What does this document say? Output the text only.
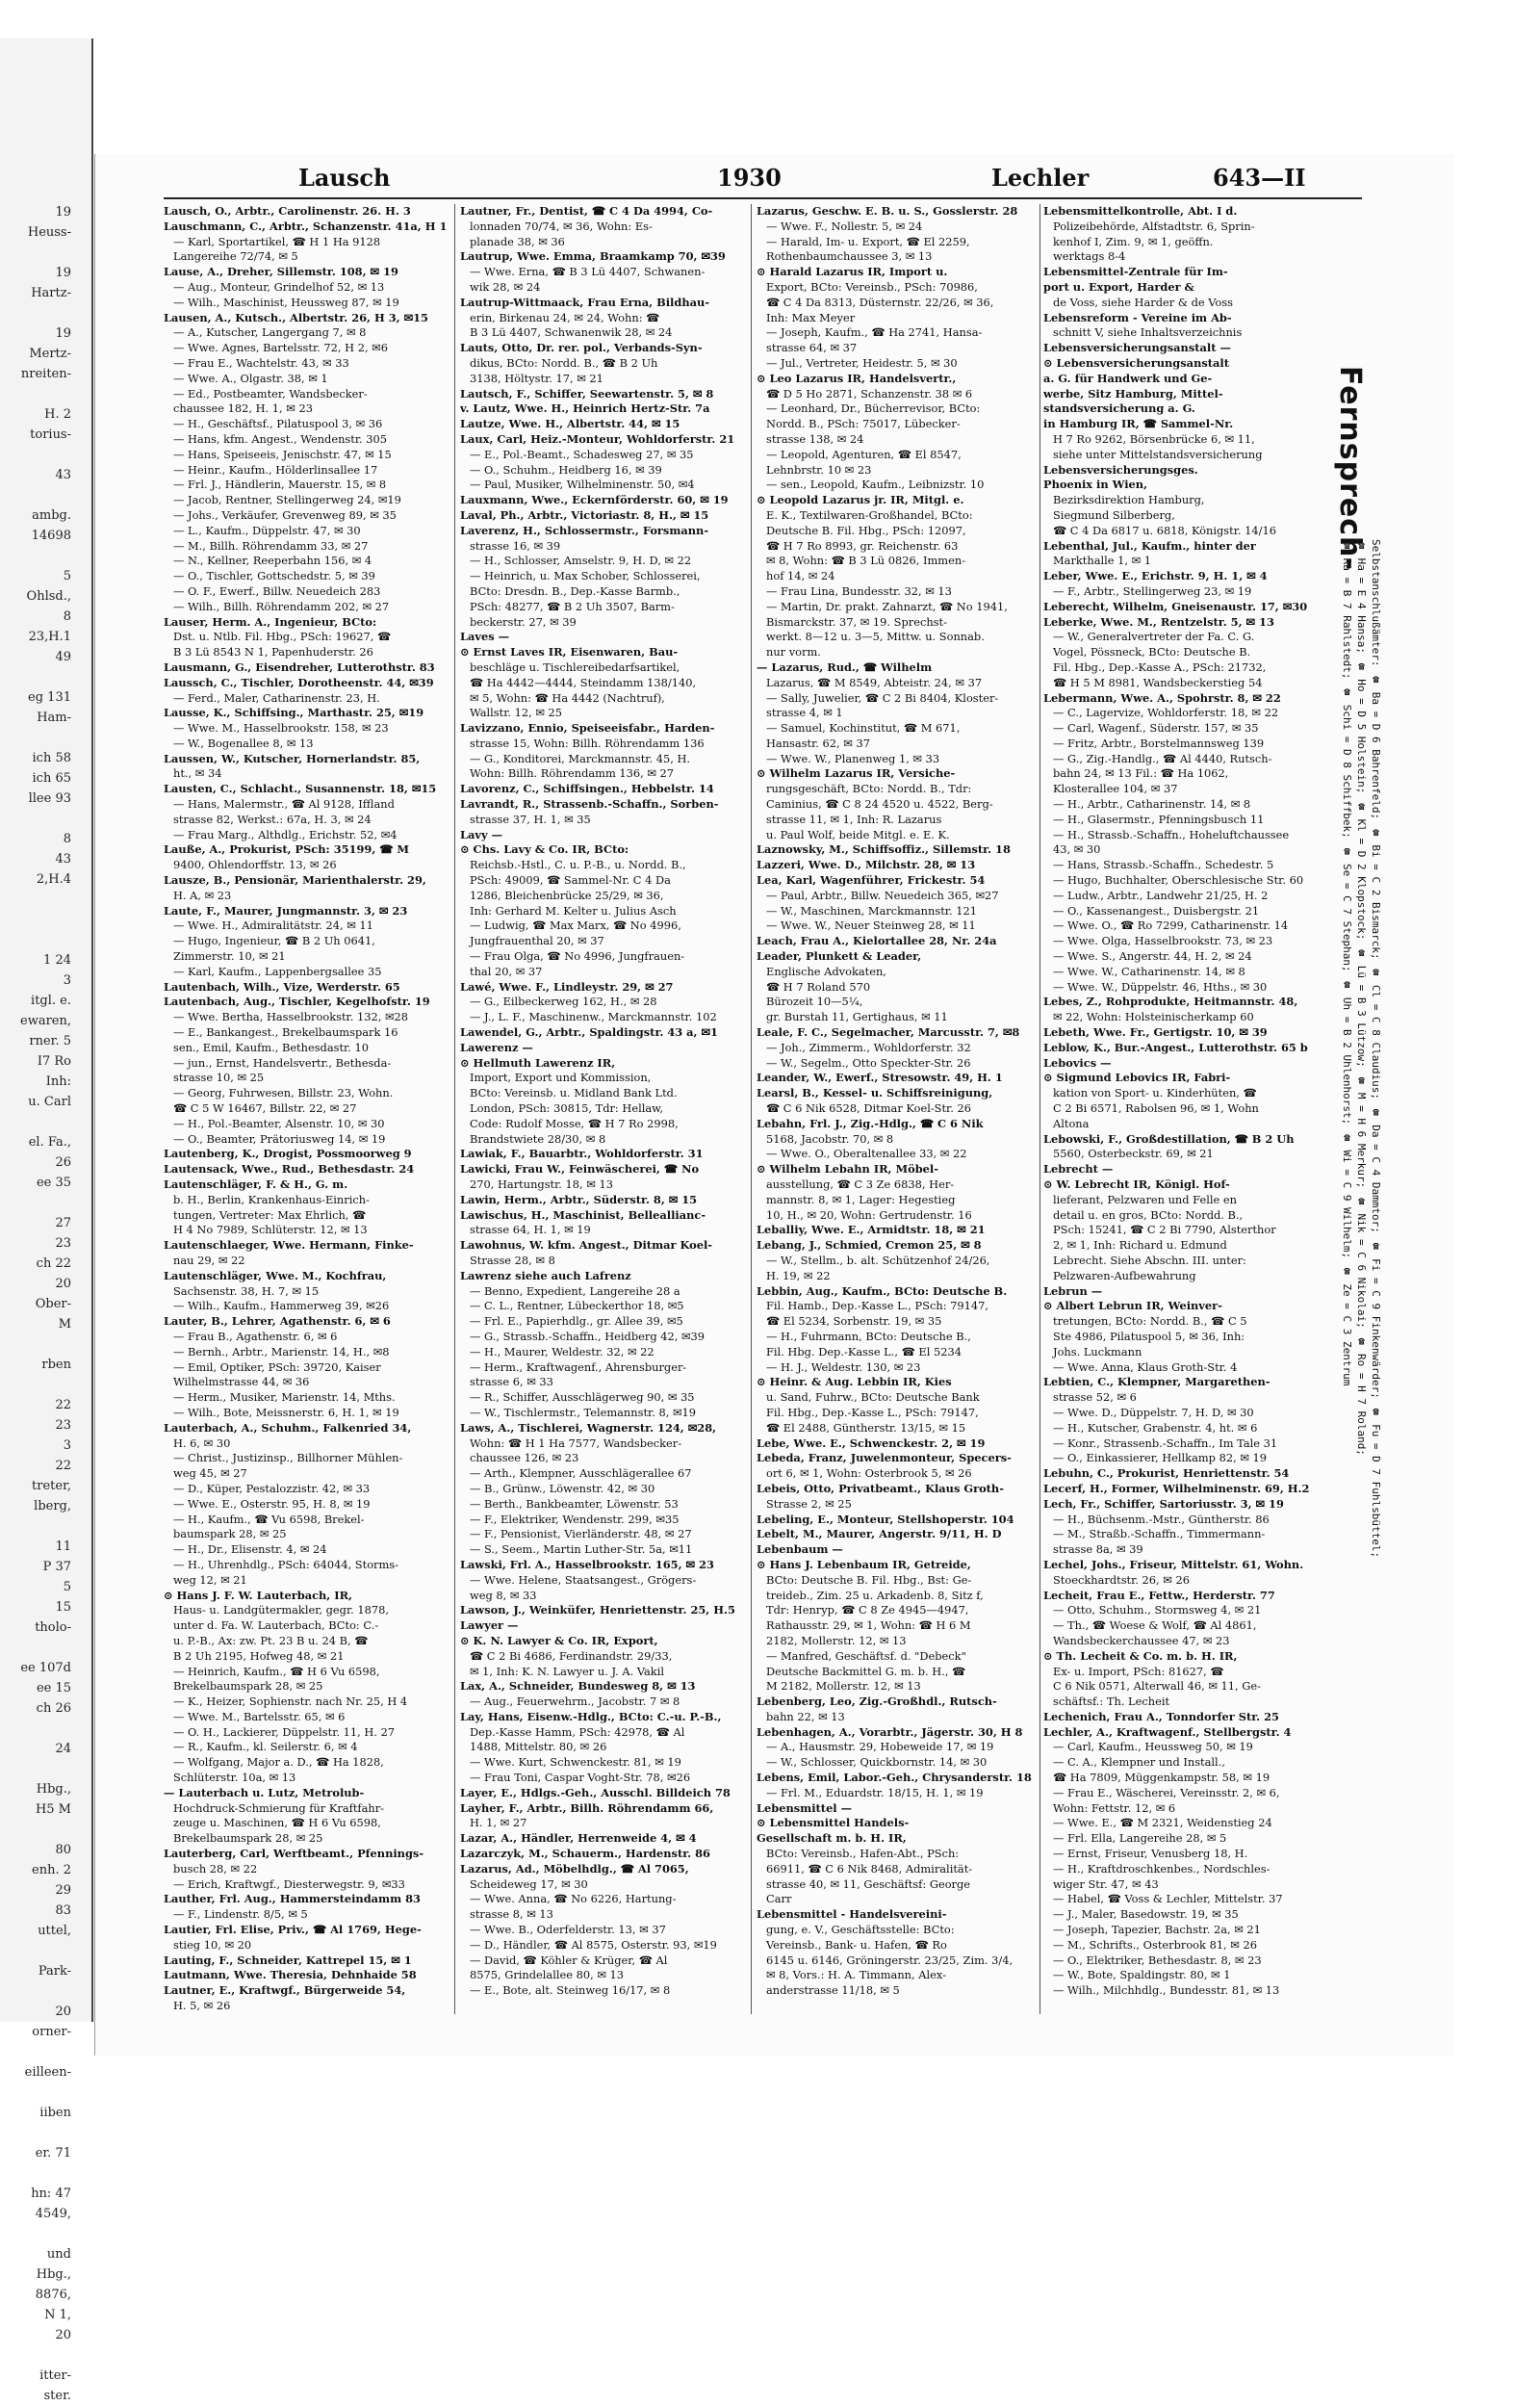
19
Heuss-
19
Hartz-
19
Mertz-
nreiten-
H. 2
torius-
43
ambg.
14698
5
Ohlsd.,
8
23,H.1
49
eg 131
Ham-
ich 58
ich 65
llee 93
8
43
2,H.4
1 24
3
itgl. e.
ewaren,
rner. 5
I7 Ro
Inh:
u. Carl
el. Fa.,
26
ee 35
27
23
ch 22
20
Ober-
M
rben
22
23
3
22
treter,
lberg,
11
P 37
5
15
tholo-
ee 107d
ee 15
ch 26
24
Hbg.,
H5 M
80
enh. 2
29
83
uttel,
Park-
20
orner-
eilleen-
iiben
er. 71
hn: 47
4549,
und
Hbg.,
8876,
N 1,
20
itter-
ster.
Lausch	1930	Lechler	643—II
Lausch, O., Arbtr., Carolinenstr. 26. H. 3
Lauschmann, C., Arbtr., Schanzenstr. 41a, H 1
— Karl, Sportartikel, ☎ H 1 Ha 9128
Langereihe 72/74, ✉ 5
Lause, A., Dreher, Sillemstr. 108, ✉ 19
— Aug., Monteur, Grindelhof 52, ✉ 13
— Wilh., Maschinist, Heussweg 87, ✉ 19
Lausen, A., Kutsch., Albertstr. 26, H 3, ✉15
— A., Kutscher, Langergang 7, ✉ 8
— Wwe. Agnes, Bartelsstr. 72, H 2, ✉6
— Frau E., Wachtelstr. 43, ✉ 33
— Wwe. A., Olgastr. 38, ✉ 1
— Ed., Postbeamter, Wandsbecker-
chaussee 182, H. 1, ✉ 23
— H., Geschäftsf., Pilatuspool 3, ✉ 36
— Hans, kfm. Angest., Wendenstr. 305
— Hans, Speiseeis, Jenischstr. 47, ✉ 15
— Heinr., Kaufm., Hölderlinsallee 17
— Frl. J., Händlerin, Mauerstr. 15, ✉ 8
— Jacob, Rentner, Stellingerweg 24, ✉19
— Johs., Verkäufer, Grevenweg 89, ✉ 35
— L., Kaufm., Düppelstr. 47, ✉ 30
— M., Billh. Röhrendamm 33, ✉ 27
— N., Kellner, Reeperbahn 156, ✉ 4
— O., Tischler, Gottschedstr. 5, ✉ 39
— O. F., Ewerf., Billw. Neuedeich 283
— Wilh., Billh. Röhrendamm 202, ✉ 27
Lauser, Herm. A., Ingenieur, BCto:
Dst. u. Ntlb. Fil. Hbg., PSch: 19627, ☎
B 3 Lü 8543 N 1, Papenhuderstr. 26
Lausmann, G., Eisendreher, Lutterothstr. 83
Laussch, C., Tischler, Dorotheenstr. 44, ✉39
— Ferd., Maler, Catharinenstr. 23, H.
Lausse, K., Schiffsing., Marthastr. 25, ✉19
— Wwe. M., Hasselbrookstr. 158, ✉ 23
— W., Bogenallee 8, ✉ 13
Laussen, W., Kutscher, Hornerlandstr. 85,
ht., ✉ 34
Lausten, C., Schlacht., Susannenstr. 18, ✉15
— Hans, Malermstr., ☎ Al 9128, Iffland
strasse 82, Werkst.: 67a, H. 3, ✉ 24
— Frau Marg., Althdlg., Erichstr. 52, ✉4
Lauße, A., Prokurist, PSch: 35199, ☎ M
9400, Ohlendorffstr. 13, ✉ 26
Lausze, B., Pensionär, Marienthalerstr. 29,
H. A, ✉ 23
Laute, F., Maurer, Jungmannstr. 3, ✉ 23
— Wwe. H., Admiralitätstr. 24, ✉ 11
— Hugo, Ingenieur, ☎ B 2 Uh 0641,
Zimmerstr. 10, ✉ 21
— Karl, Kaufm., Lappenbergsallee 35
Lautenbach, Wilh., Vize, Werderstr. 65
Lautenbach, Aug., Tischler, Kegelhofstr. 19
— Wwe. Bertha, Hasselbrookstr. 132, ✉28
— E., Bankangest., Brekelbaumspark 16
sen., Emil, Kaufm., Bethesdastr. 10
— jun., Ernst, Handelsvertr., Bethesda-
strasse 10, ✉ 25
— Georg, Fuhrwesen, Billstr. 23, Wohn.
☎ C 5 W 16467, Billstr. 22, ✉ 27
— H., Pol.-Beamter, Alsenstr. 10, ✉ 30
— O., Beamter, Prätoriusweg 14, ✉ 19
Lautenberg, K., Drogist, Possmoorweg 9
Lautensack, Wwe., Rud., Bethesdastr. 24
Lautenschläger, F. & H., G. m.
b. H., Berlin, Krankenhaus-Einrich-
tungen, Vertreter: Max Ehrlich, ☎
H 4 No 7989, Schlüterstr. 12, ✉ 13
Lautenschlaeger, Wwe. Hermann, Finke-
nau 29, ✉ 22
Lautenschläger, Wwe. M., Kochfrau,
Sachsenstr. 38, H. 7, ✉ 15
— Wilh., Kaufm., Hammerweg 39, ✉26
Lauter, B., Lehrer, Agathenstr. 6, ✉ 6
— Frau B., Agathenstr. 6, ✉ 6
— Bernh., Arbtr., Marienstr. 14, H., ✉8
— Emil, Optiker, PSch: 39720, Kaiser
Wilhelmstrasse 44, ✉ 36
— Herm., Musiker, Marienstr. 14, Mths.
— Wilh., Bote, Meissnerstr. 6, H. 1, ✉ 19
Lauterbach, A., Schuhm., Falkenried 34,
H. 6, ✉ 30
— Christ., Justizinsp., Billhorner Mühlen-
weg 45, ✉ 27
— D., Küper, Pestalozzistr. 42, ✉ 33
— Wwe. E., Osterstr. 95, H. 8, ✉ 19
— H., Kaufm., ☎ Vu 6598, Brekel-
baumspark 28, ✉ 25
— H., Dr., Elisenstr. 4, ✉ 24
— H., Uhrenhdlg., PSch: 64044, Storms-
weg 12, ✉ 21
⊙ Hans J. F. W. Lauterbach, IR,
Haus- u. Landgütermakler, gegr. 1878,
unter d. Fa. W. Lauterbach, BCto: C.-
u. P.-B., Ax: zw. Pt. 23 B u. 24 B, ☎
B 2 Uh 2195, Hofweg 48, ✉ 21
— Heinrich, Kaufm., ☎ H 6 Vu 6598,
Brekelbaumspark 28, ✉ 25
— K., Heizer, Sophienstr. nach Nr. 25, H 4
— Wwe. M., Bartelsstr. 65, ✉ 6
— O. H., Lackierer, Düppelstr. 11, H. 27
— R., Kaufm., kl. Seilerstr. 6, ✉ 4
— Wolfgang, Major a. D., ☎ Ha 1828,
Schlüterstr. 10a, ✉ 13
— Lauterbach u. Lutz, Metrolub-
Hochdruck-Schmierung für Kraftfahr-
zeuge u. Maschinen, ☎ H 6 Vu 6598,
Brekelbaumspark 28, ✉ 25
Lauterberg, Carl, Werftbeamt., Pfennings-
busch 28, ✉ 22
— Erich, Kraftwgf., Diesterwegstr. 9, ✉33
Lauther, Frl. Aug., Hammersteindamm 83
— F., Lindenstr. 8/5, ✉ 5
Lautier, Frl. Elise, Priv., ☎ Al 1769, Hege-
stieg 10, ✉ 20
Lauting, F., Schneider, Kattrepel 15, ✉ 1
Lautmann, Wwe. Theresia, Dehnhaide 58
Lautner, E., Kraftwgf., Bürgerweide 54,
H. 5, ✉ 26
Lautner, Fr., Dentist, ☎ C 4 Da 4994, Co-
lonnaden 70/74, ✉ 36, Wohn: Es-
planade 38, ✉ 36
Lautrup, Wwe. Emma, Braamkamp 70, ✉39
— Wwe. Erna, ☎ B 3 Lü 4407, Schwanen-
wik 28, ✉ 24
Lautrup-Wittmaack, Frau Erna, Bildhau-
erin, Birkenau 24, ✉ 24, Wohn: ☎
B 3 Lü 4407, Schwanenwik 28, ✉ 24
Lauts, Otto, Dr. rer. pol., Verbands-Syn-
dikus, BCto: Nordd. B., ☎ B 2 Uh
3138, Höltystr. 17, ✉ 21
Lautsch, F., Schiffer, Seewartenstr. 5, ✉ 8
v. Lautz, Wwe. H., Heinrich Hertz-Str. 7a
Lautze, Wwe. H., Albertstr. 44, ✉ 15
Laux, Carl, Heiz.-Monteur, Wohldorferstr. 21
— E., Pol.-Beamt., Schadesweg 27, ✉ 35
— O., Schuhm., Heidberg 16, ✉ 39
— Paul, Musiker, Wilhelminenstr. 50, ✉4
Lauxmann, Wwe., Eckernförderstr. 60, ✉ 19
Laval, Ph., Arbtr., Victoriastr. 8, H., ✉ 15
Laverenz, H., Schlossermstr., Forsmann-
strasse 16, ✉ 39
— H., Schlosser, Amselstr. 9, H. D, ✉ 22
— Heinrich, u. Max Schober, Schlosserei,
BCto: Dresdn. B., Dep.-Kasse Barmb.,
PSch: 48277, ☎ B 2 Uh 3507, Barm-
beckerstr. 27, ✉ 39
Laves —
⊙ Ernst Laves IR, Eisenwaren, Bau-
beschläge u. Tischlereibedarfsartikel,
☎ Ha 4442—4444, Steindamm 138/140,
✉ 5, Wohn: ☎ Ha 4442 (Nachtruf),
Wallstr. 12, ✉ 25
Lavizzano, Ennio, Speiseeisfabr., Harden-
strasse 15, Wohn: Billh. Röhrendamm 136
— G., Konditorei, Marckmannstr. 45, H.
Wohn: Billh. Röhrendamm 136, ✉ 27
Lavorenz, C., Schiffsingen., Hebbelstr. 14
Lavrandt, R., Strassenb.-Schaffn., Sorben-
strasse 37, H. 1, ✉ 35
Lavy —
⊙ Chs. Lavy & Co. IR, BCto:
Reichsb.-Hstl., C. u. P.-B., u. Nordd. B.,
PSch: 49009, ☎ Sammel-Nr. C 4 Da
1286, Bleichenbrücke 25/29, ✉ 36,
Inh: Gerhard M. Kelter u. Julius Asch
— Ludwig, ☎ Max Marx, ☎ No 4996,
Jungfrauenthal 20, ✉ 37
— Frau Olga, ☎ No 4996, Jungfrauen-
thal 20, ✉ 37
Lawé, Wwe. F., Lindleystr. 29, ✉ 27
— G., Eilbeckerweg 162, H., ✉ 28
— J., L. F., Maschinenw., Marckmannstr. 102
Lawendel, G., Arbtr., Spaldingstr. 43 a, ✉1
Lawerenz —
⊙ Hellmuth Lawerenz IR,
Import, Export und Kommission,
BCto: Vereinsb. u. Midland Bank Ltd.
London, PSch: 30815, Tdr: Hellaw,
Code: Rudolf Mosse, ☎ H 7 Ro 2998,
Brandstwiete 28/30, ✉ 8
Lawiak, F., Bauarbtr., Wohldorferstr. 31
Lawicki, Frau W., Feinwäscherei, ☎ No
270, Hartungstr. 18, ✉ 13
Lawin, Herm., Arbtr., Süderstr. 8, ✉ 15
Lawischus, H., Maschinist, Belleallianc-
strasse 64, H. 1, ✉ 19
Lawohnus, W. kfm. Angest., Ditmar Koel-
Strasse 28, ✉ 8
Lawrenz siehe auch Lafrenz
— Benno, Expedient, Langereihe 28 a
— C. L., Rentner, Lübeckerthor 18, ✉5
— Frl. E., Papierhdlg., gr. Allee 39, ✉5
— G., Strassb.-Schaffn., Heidberg 42, ✉39
— H., Maurer, Weldestr. 32, ✉ 22
— Herm., Kraftwagenf., Ahrensburger-
strasse 6, ✉ 33
— R., Schiffer, Ausschlägerweg 90, ✉ 35
— W., Tischlermstr., Telemannstr. 8, ✉19
Laws, A., Tischlerei, Wagnerstr. 124, ✉28,
Wohn: ☎ H 1 Ha 7577, Wandsbecker-
chaussee 126, ✉ 23
— Arth., Klempner, Ausschlägerallee 67
— B., Grünw., Löwenstr. 42, ✉ 30
— Berth., Bankbeamter, Löwenstr. 53
— F., Elektriker, Wendenstr. 299, ✉35
— F., Pensionist, Vierländerstr. 48, ✉ 27
— S., Seem., Martin Luther-Str. 5a, ✉11
Lawski, Frl. A., Hasselbrookstr. 165, ✉ 23
— Wwe. Helene, Staatsangest., Grögers-
weg 8, ✉ 33
Lawson, J., Weinküfer, Henriettenstr. 25, H.5
Lawyer —
⊙ K. N. Lawyer & Co. IR, Export,
☎ C 2 Bi 4686, Ferdinandstr. 29/33,
✉ 1, Inh: K. N. Lawyer u. J. A. Vakil
Lax, A., Schneider, Bundesweg 8, ✉ 13
— Aug., Feuerwehrm., Jacobstr. 7 ✉ 8
Lay, Hans, Eisenw.-Hdlg., BCto: C.-u. P.-B.,
Dep.-Kasse Hamm, PSch: 42978, ☎ Al
1488, Mittelstr. 80, ✉ 26
— Wwe. Kurt, Schwenckestr. 81, ✉ 19
— Frau Toni, Caspar Voght-Str. 78, ✉26
Layer, E., Hdlgs.-Geh., Ausschl. Billdeich 78
Layher, F., Arbtr., Billh. Röhrendamm 66,
H. 1, ✉ 27
Lazar, A., Händler, Herrenweide 4, ✉ 4
Lazarczyk, M., Schauerm., Hardenstr. 86
Lazarus, Ad., Möbelhdlg., ☎ Al 7065,
Scheideweg 17, ✉ 30
— Wwe. Anna, ☎ No 6226, Hartung-
strasse 8, ✉ 13
— Wwe. B., Oderfelderstr. 13, ✉ 37
— D., Händler, ☎ Al 8575, Osterstr. 93, ✉19
— David, ☎ Köhler & Krüger, ☎ Al
8575, Grindelallee 80, ✉ 13
— E., Bote, alt. Steinweg 16/17, ✉ 8
Lazarus, Geschw. E. B. u. S., Gosslerstr. 28
— Wwe. F., Nollestr. 5, ✉ 24
— Harald, Im- u. Export, ☎ El 2259,
Rothenbaumchaussee 3, ✉ 13
⊙ Harald Lazarus IR, Import u.
Export, BCto: Vereinsb., PSch: 70986,
☎ C 4 Da 8313, Düsternstr. 22/26, ✉ 36,
Inh: Max Meyer
— Joseph, Kaufm., ☎ Ha 2741, Hansa-
strasse 64, ✉ 37
— Jul., Vertreter, Heidestr. 5, ✉ 30
⊙ Leo Lazarus IR, Handelsvertr.,
☎ D 5 Ho 2871, Schanzenstr. 38 ✉ 6
— Leonhard, Dr., Bücherrevisor, BCto:
Nordd. B., PSch: 75017, Lübecker-
strasse 138, ✉ 24
— Leopold, Agenturen, ☎ El 8547,
Lehnbrstr. 10 ✉ 23
— sen., Leopold, Kaufm., Leibnizstr. 10
⊙ Leopold Lazarus jr. IR, Mitgl. e.
E. K., Textilwaren-Großhandel, BCto:
Deutsche B. Fil. Hbg., PSch: 12097,
☎ H 7 Ro 8993, gr. Reichenstr. 63
✉ 8, Wohn: ☎ B 3 Lü 0826, Immen-
hof 14, ✉ 24
— Frau Lina, Bundesstr. 32, ✉ 13
— Martin, Dr. prakt. Zahnarzt, ☎ No 1941,
Bismarckstr. 37, ✉ 19. Sprechst-
werkt. 8—12 u. 3—5, Mittw. u. Sonnab.
nur vorm.
— Lazarus, Rud., ☎ Wilhelm
Lazarus, ☎ M 8549, Abteistr. 24, ✉ 37
— Sally, Juwelier, ☎ C 2 Bi 8404, Kloster-
strasse 4, ✉ 1
— Samuel, Kochinstitut, ☎ M 671,
Hansastr. 62, ✉ 37
— Wwe. W., Planenweg 1, ✉ 33
⊙ Wilhelm Lazarus IR, Versiche-
rungsgeschäft, BCto: Nordd. B., Tdr:
Caminius, ☎ C 8 24 4520 u. 4522, Berg-
strasse 11, ✉ 1, Inh: R. Lazarus
u. Paul Wolf, beide Mitgl. e. E. K.
Laznowsky, M., Schiffsoffiz., Sillemstr. 18
Lazzeri, Wwe. D., Milchstr. 28, ✉ 13
Lea, Karl, Wagenführer, Frickestr. 54
— Paul, Arbtr., Billw. Neuedeich 365, ✉27
— W., Maschinen, Marckmannstr. 121
— Wwe. W., Neuer Steinweg 28, ✉ 11
Leach, Frau A., Kielortallee 28, Nr. 24a
Leader, Plunkett & Leader,
Englische Advokaten,
☎ H 7 Roland 570
Bürozeit 10—5¼,
gr. Burstah 11, Gertighaus, ✉ 11
Leale, F. C., Segelmacher, Marcusstr. 7, ✉8
— Joh., Zimmerm., Wohldorferstr. 32
— W., Segelm., Otto Speckter-Str. 26
Leander, W., Ewerf., Stresowstr. 49, H. 1
Learsl, B., Kessel- u. Schiffsreinigung,
☎ C 6 Nik 6528, Ditmar Koel-Str. 26
Lebahn, Frl. J., Zig.-Hdlg., ☎ C 6 Nik
5168, Jacobstr. 70, ✉ 8
— Wwe. O., Oberaltenallee 33, ✉ 22
⊙ Wilhelm Lebahn IR, Möbel-
ausstellung, ☎ C 3 Ze 6838, Her-
mannstr. 8, ✉ 1, Lager: Hegestieg
10, H., ✉ 20, Wohn: Gertrudenstr. 16
Leballiy, Wwe. E., Armidtstr. 18, ✉ 21
Lebang, J., Schmied, Cremon 25, ✉ 8
— W., Stellm., b. alt. Schützenhof 24/26,
H. 19, ✉ 22
Lebbin, Aug., Kaufm., BCto: Deutsche B.
Fil. Hamb., Dep.-Kasse L., PSch: 79147,
☎ El 5234, Sorbenstr. 19, ✉ 35
— H., Fuhrmann, BCto: Deutsche B.,
Fil. Hbg. Dep.-Kasse L., ☎ El 5234
— H. J., Weldestr. 130, ✉ 23
⊙ Heinr. & Aug. Lebbin IR, Kies
u. Sand, Fuhrw., BCto: Deutsche Bank
Fil. Hbg., Dep.-Kasse L., PSch: 79147,
☎ El 2488, Güntherstr. 13/15, ✉ 15
Lebe, Wwe. E., Schwenckestr. 2, ✉ 19
Lebeda, Franz, Juwelenmonteur, Specers-
ort 6, ✉ 1, Wohn: Osterbrook 5, ✉ 26
Lebeis, Otto, Privatbeamt., Klaus Groth-
Strasse 2, ✉ 25
Lebeling, E., Monteur, Stellshoperstr. 104
Lebelt, M., Maurer, Angerstr. 9/11, H. D
Lebenbaum —
⊙ Hans J. Lebenbaum IR, Getreide,
BCto: Deutsche B. Fil. Hbg., Bst: Ge-
treideb., Zim. 25 u. Arkadenb. 8, Sitz f,
Tdr: Henryp, ☎ C 8 Ze 4945—4947,
Rathausstr. 29, ✉ 1, Wohn: ☎ H 6 M
2182, Mollerstr. 12, ✉ 13
— Manfred, Geschäftsf. d. "Debeck"
Deutsche Backmittel G. m. b. H., ☎
M 2182, Mollerstr. 12, ✉ 13
Lebenberg, Leo, Zig.-Großhdl., Rutsch-
bahn 22, ✉ 13
Lebenhagen, A., Vorarbtr., Jägerstr. 30, H 8
— A., Hausmstr. 29, Hobeweide 17, ✉ 19
— W., Schlosser, Quickbornstr. 14, ✉ 30
Lebens, Emil, Labor.-Geh., Chrysanderstr. 18
— Frl. M., Eduardstr. 18/15, H. 1, ✉ 19
Lebensmittel —
⊙ Lebensmittel Handels-
Gesellschaft m. b. H. IR,
BCto: Vereinsb., Hafen-Abt., PSch:
66911, ☎ C 6 Nik 8468, Admiralität-
strasse 40, ✉ 11, Geschäftsf: George
Carr
Lebensmittel - Handelsvereini-
gung, e. V., Geschäftsstelle: BCto:
Vereinsb., Bank- u. Hafen, ☎ Ro
6145 u. 6146, Gröningerstr. 23/25, Zim. 3/4,
✉ 8, Vors.: H. A. Timmann, Alex-
anderstrasse 11/18, ✉ 5
Lebensmittelkontrolle, Abt. I d.
Polizeibehörde, Alfstadtstr. 6, Sprin-
kenhof I, Zim. 9, ✉ 1, geöffn.
werktags 8-4
Lebensmittel-Zentrale für Im-
port u. Export, Harder &
de Voss, siehe Harder & de Voss
Lebensreform - Vereine im Ab-
schnitt V, siehe Inhaltsverzeichnis
Lebensversicherungsanstalt —
⊙ Lebensversicherungsanstalt
a. G. für Handwerk und Ge-
werbe, Sitz Hamburg, Mittel-
standsversicherung a. G.
in Hamburg IR, ☎ Sammel-Nr.
H 7 Ro 9262, Börsenbrücke 6, ✉ 11,
siehe unter Mittelstandsversicherung
Lebensversicherungsges.
Phoenix in Wien,
Bezirksdirektion Hamburg,
Siegmund Silberberg,
☎ C 4 Da 6817 u. 6818, Königstr. 14/16
Lebenthal, Jul., Kaufm., hinter der
Markthalle 1, ✉ 1
Leber, Wwe. E., Erichstr. 9, H. 1, ✉ 4
— F., Arbtr., Stellingerweg 23, ✉ 19
Leberecht, Wilhelm, Gneisenaustr. 17, ✉30
Leberke, Wwe. M., Rentzelstr. 5, ✉ 13
— W., Generalvertreter der Fa. C. G.
Vogel, Pössneck, BCto: Deutsche B.
Fil. Hbg., Dep.-Kasse A., PSch: 21732,
☎ H 5 M 8981, Wandsbeckerstieg 54
Lebermann, Wwe. A., Spohrstr. 8, ✉ 22
— C., Lagervize, Wohldorferstr. 18, ✉ 22
— Carl, Wagenf., Süderstr. 157, ✉ 35
— Fritz, Arbtr., Borstelmannsweg 139
— G., Zig.-Handlg., ☎ Al 4440, Rutsch-
bahn 24, ✉ 13 Fil.: ☎ Ha 1062,
Klosterallee 104, ✉ 37
— H., Arbtr., Catharinenstr. 14, ✉ 8
— H., Glasermstr., Pfenningsbusch 11
— H., Strassb.-Schaffn., Hoheluftchaussee
43, ✉ 30
— Hans, Strassb.-Schaffn., Schedestr. 5
— Hugo, Buchhalter, Oberschlesische Str. 60
— Ludw., Arbtr., Landwehr 21/25, H. 2
— O., Kassenangest., Duisbergstr. 21
— Wwe. O., ☎ Ro 7299, Catharinenstr. 14
— Wwe. Olga, Hasselbrookstr. 73, ✉ 23
— Wwe. S., Angerstr. 44, H. 2, ✉ 24
— Wwe. W., Catharinenstr. 14, ✉ 8
— Wwe. W., Düppelstr. 46, Hths., ✉ 30
Lebes, Z., Rohprodukte, Heitmannstr. 48,
✉ 22, Wohn: Holsteinischerkamp 60
Lebeth, Wwe. Fr., Gertigstr. 10, ✉ 39
Leblow, K., Bur.-Angest., Lutterothstr. 65 b
Lebovics —
⊙ Sigmund Lebovics IR, Fabri-
kation von Sport- u. Kinderhüten, ☎
C 2 Bi 6571, Rabolsen 96, ✉ 1, Wohn
Altona
Lebowski, F., Großdestillation, ☎ B 2 Uh
5560, Osterbeckstr. 69, ✉ 21
Lebrecht —
⊙ W. Lebrecht IR, Königl. Hof-
lieferant, Pelzwaren und Felle en
detail u. en gros, BCto: Nordd. B.,
PSch: 15241, ☎ C 2 Bi 7790, Alsterthor
2, ✉ 1, Inh: Richard u. Edmund
Lebrecht. Siehe Abschn. III. unter:
Pelzwaren-Aufbewahrung
Lebrun —
⊙ Albert Lebrun IR, Weinver-
tretungen, BCto: Nordd. B., ☎ C 5
Ste 4986, Pilatuspool 5, ✉ 36, Inh:
Johs. Luckmann
— Wwe. Anna, Klaus Groth-Str. 4
Lebtien, C., Klempner, Margarethen-
strasse 52, ✉ 6
— Wwe. D., Düppelstr. 7, H. D, ✉ 30
— H., Kutscher, Grabenstr. 4, ht. ✉ 6
— Konr., Strassenb.-Schaffn., Im Tale 31
— O., Einkassierer, Hellkamp 82, ✉ 19
Lebuhn, C., Prokurist, Henriettenstr. 54
Lecerf, H., Former, Wilhelminenstr. 69, H.2
Lech, Fr., Schiffer, Sartoriusstr. 3, ✉ 19
— H., Büchsenm.-Mstr., Güntherstr. 86
— M., Straßb.-Schaffn., Timmermann-
strasse 8a, ✉ 39
Lechel, Johs., Friseur, Mittelstr. 61, Wohn.
Stoeckhardtstr. 26, ✉ 26
Lecheit, Frau E., Fettw., Herderstr. 77
— Otto, Schuhm., Stormsweg 4, ✉ 21
— Th., ☎ Woese & Wolf, ☎ Al 4861,
Wandsbeckerchaussee 47, ✉ 23
⊙ Th. Lecheit & Co. m. b. H. IR,
Ex- u. Import, PSch: 81627, ☎
C 6 Nik 0571, Alterwall 46, ✉ 11, Ge-
schäftsf.: Th. Lecheit
Lechenich, Frau A., Tonndorfer Str. 25
Lechler, A., Kraftwagenf., Stellbergstr. 4
— Carl, Kaufm., Heussweg 50, ✉ 19
— C. A., Klempner und Install.,
☎ Ha 7809, Müggenkampstr. 58, ✉ 19
— Frau E., Wäscherei, Vereinsstr. 2, ✉ 6,
Wohn: Fettstr. 12, ✉ 6
— Wwe. E., ☎ M 2321, Weidenstieg 24
— Frl. Ella, Langereihe 28, ✉ 5
— Ernst, Friseur, Venusberg 18, H.
— H., Kraftdroschkenbes., Nordschles-
wiger Str. 47, ✉ 43
— Habel, ☎ Voss & Lechler, Mittelstr. 37
— J., Maler, Basedowstr. 19, ✉ 35
— Joseph, Tapezier, Bachstr. 2a, ✉ 21
— M., Schrifts., Osterbrook 81, ✉ 26
— O., Elektriker, Bethesdastr. 8, ✉ 23
— W., Bote, Spaldingstr. 80, ✉ 1
— Wilh., Milchhdlg., Bundesstr. 81, ✉ 13
Fernsprech-
Selbstanschlußämter: ☎ Ba = D 6 Bahrenfeld; ☎ Bi = C 2 Bismarck; ☎ Cl = C 8 Claudius; ☎ Da = C 4 Dammtor; ☎ Fi = C 9 Finkenwärder; ☎ Fu = D 7 Fuhlsbüttel;
☎ Ha = E 4 Hansa; ☎ Ho = D 5 Holstein; ☎ Kl = D 2 Klopstock; ☎ Lü = B 3 Lützow; ☎ M = H 6 Merkur; ☎ Nik = C 6 Nikolai; ☎ Ro = H 7 Roland;
☎ Ra = B 7 Rahlstedt; ☎ Schi = D 8 Schiffbek; ☎ Se = C 7 Stephan; ☎ Uh = B 2 Uhlenhorst; ☎ Wi = C 9 Wilhelm; ☎ Ze = C 3 Zentrum
